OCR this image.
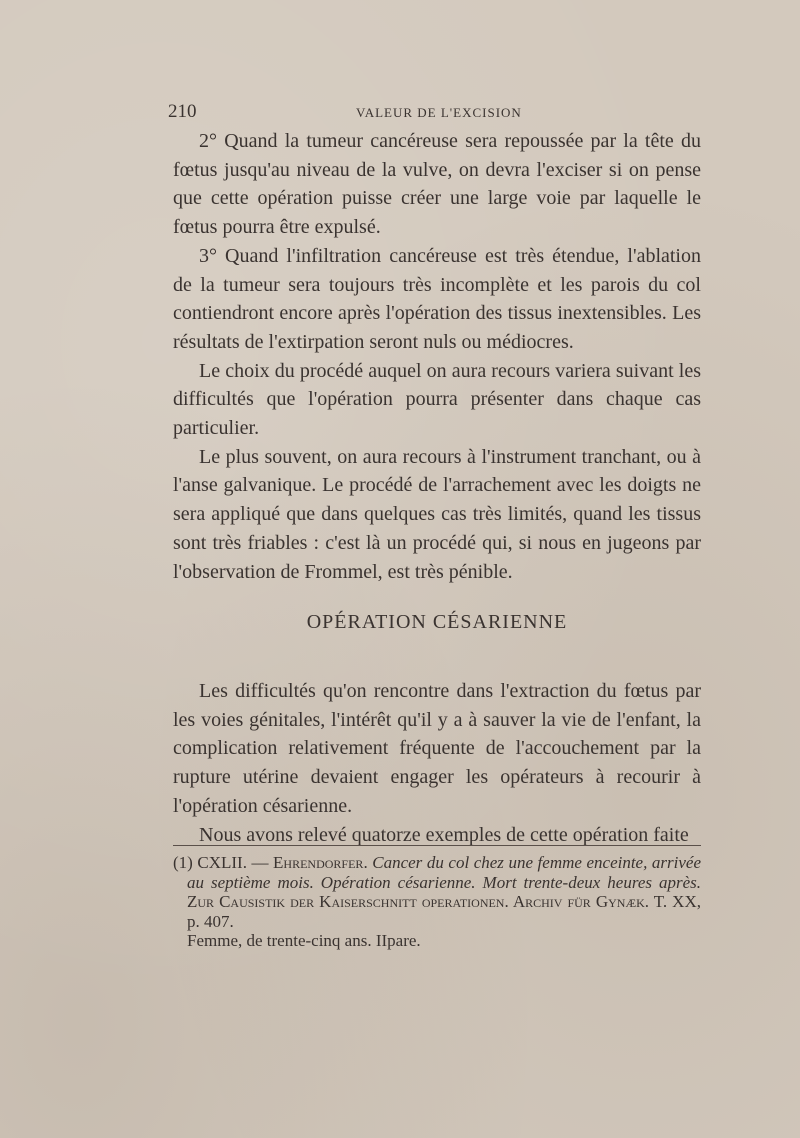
210	VALEUR DE L'EXCISION

2° Quand la tumeur cancéreuse sera repoussée par la tête du fœtus jusqu'au niveau de la vulve, on devra l'exciser si on pense que cette opération puisse créer une large voie par laquelle le fœtus pourra être expulsé.

3° Quand l'infiltration cancéreuse est très étendue, l'ablation de la tumeur sera toujours très incomplète et les parois du col contiendront encore après l'opération des tissus inextensibles. Les résultats de l'extirpation seront nuls ou médiocres.

Le choix du procédé auquel on aura recours variera suivant les difficultés que l'opération pourra présenter dans chaque cas particulier.

Le plus souvent, on aura recours à l'instrument tranchant, ou à l'anse galvanique. Le procédé de l'arrachement avec les doigts ne sera appliqué que dans quelques cas très limités, quand les tissus sont très friables : c'est là un procédé qui, si nous en jugeons par l'observation de Frommel, est très pénible.

OPÉRATION CÉSARIENNE

Les difficultés qu'on rencontre dans l'extraction du fœtus par les voies génitales, l'intérêt qu'il y a à sauver la vie de l'enfant, la complication relativement fréquente de l'accouchement par la rupture utérine devaient engager les opérateurs à recourir à l'opération césarienne.

Nous avons relevé quatorze exemples de cette opération faite

(1) CXLII. — Ehrendorfer. Cancer du col chez une femme enceinte, arrivée au septième mois. Opération césarienne. Mort trente-deux heures après. Zur Causistik der Kaiserschnitt operationen. Archiv für Gynæk. T. XX, p. 407.
Femme, de trente-cinq ans. IIpare.
